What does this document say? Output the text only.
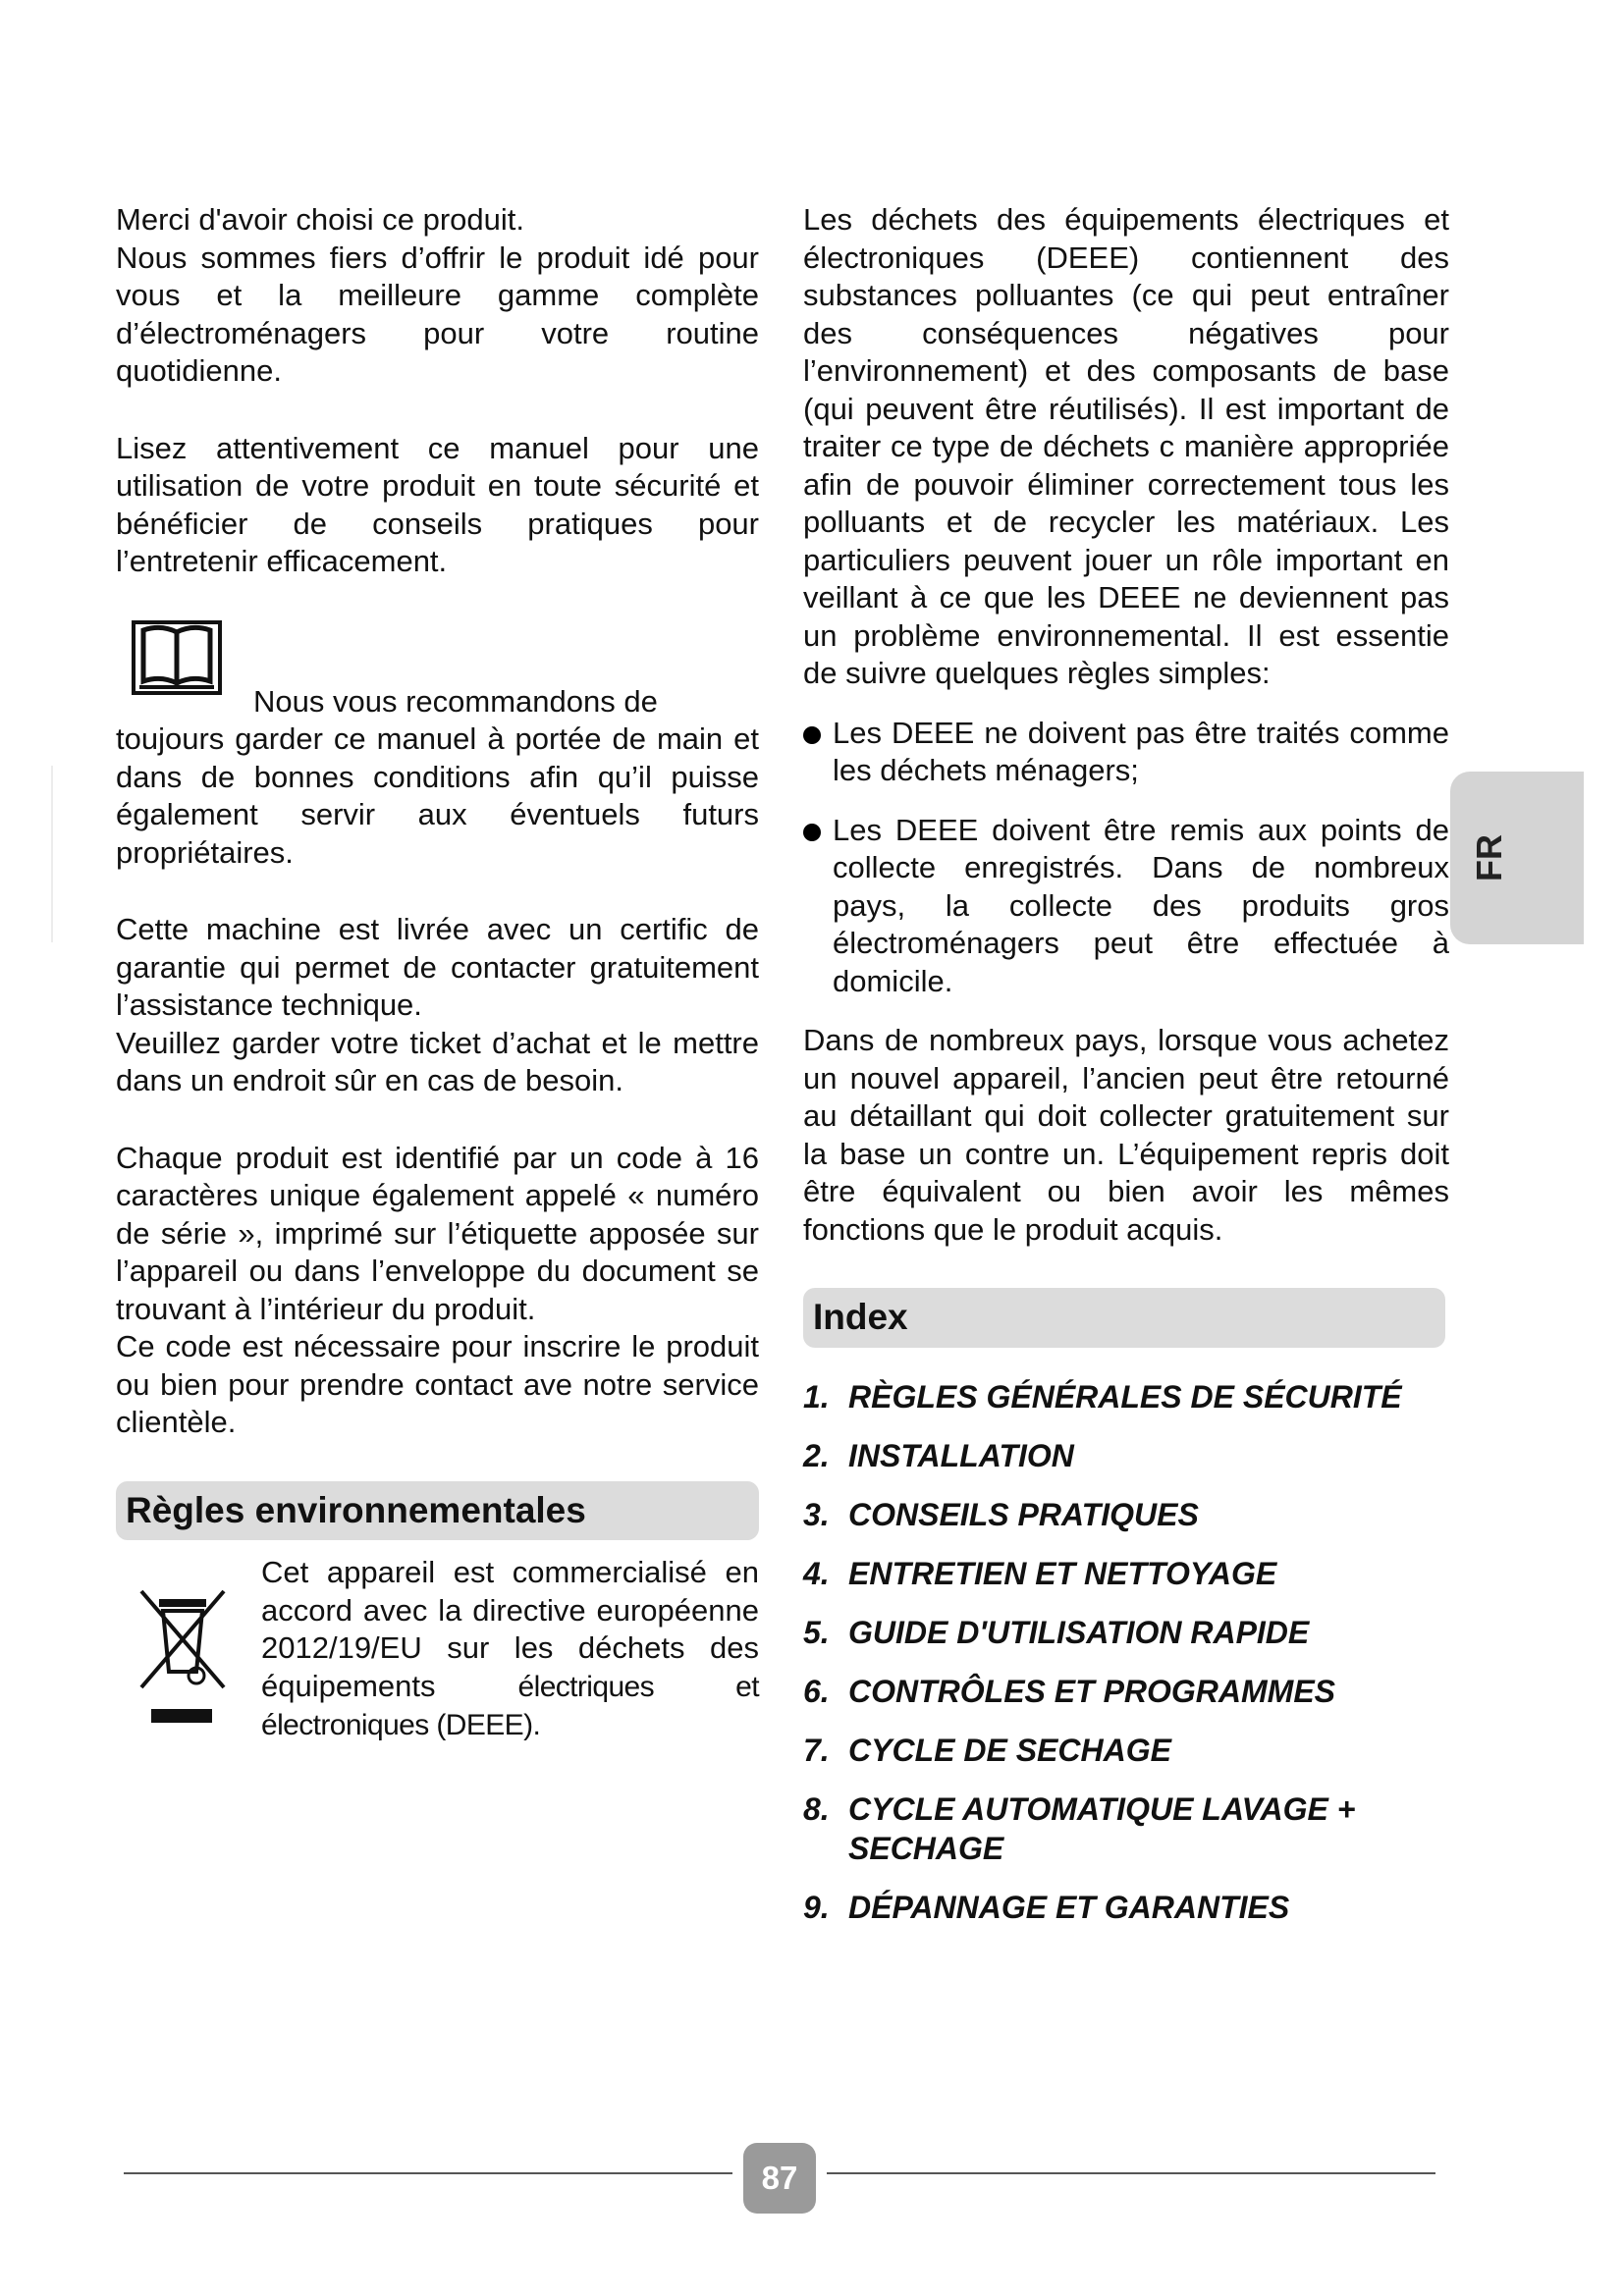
Merci d'avoir choisi ce produit.

Nous sommes fiers d’offrir le produit idé pour vous et la meilleure gamme complète d’électroménagers pour votre routine quotidienne.

Lisez attentivement ce manuel pour une utilisation de votre produit en toute sécurité et bénéficier de conseils pratiques pour l’entretenir efficacement.

Nous vous recommandons de

toujours garder ce manuel à portée de main et dans de bonnes conditions afin qu’il puisse également servir aux éventuels futurs propriétaires.

Cette machine est livrée avec un certific de garantie qui permet de contacter gratuitement l’assistance technique.

Veuillez garder votre ticket d’achat et le mettre dans un endroit sûr en cas de besoin.

Chaque produit est identifié par un code à 16 caractères unique également appelé « numéro de série », imprimé sur l’étiquette apposée sur l’appareil ou dans l’enveloppe du document se trouvant à l’intérieur du produit.

Ce code est nécessaire pour inscrire le produit ou bien pour prendre contact ave notre service clientèle.

Règles environnementales
Cet appareil est commercialisé en accord avec la directive européenne 2012/19/EU sur les déchets des équipements	électriques et électroniques (DEEE).

Les déchets des équipements électriques et électroniques (DEEE) contiennent des substances polluantes (ce qui peut entraîner des conséquences négatives pour l’environnement) et des composants de base (qui peuvent être réutilisés). Il est important de traiter ce type de déchets c manière appropriée afin de pouvoir éliminer correctement tous les polluants et de recycler les matériaux. Les particuliers peuvent jouer un rôle important en veillant à ce que les DEEE ne deviennent pas un problème environnemental. Il est essentie de suivre quelques règles simples:

Les DEEE ne doivent pas être traités comme les déchets ménagers;
Les DEEE doivent être remis aux points de collecte enregistrés. Dans de nombreux pays, la collecte des produits gros électroménagers peut être effectuée à domicile.

Dans de nombreux pays, lorsque vous achetez un nouvel appareil, l’ancien peut être retourné au détaillant qui doit collecter gratuitement sur la base un contre un. L’équipement repris doit être équivalent ou bien avoir les mêmes fonctions que le produit acquis.

Index
1. RÈGLES GÉNÉRALES DE SÉCURITÉ
2. INSTALLATION
3. CONSEILS PRATIQUES
4. ENTRETIEN ET NETTOYAGE
5. GUIDE D'UTILISATION RAPIDE
6. CONTRÔLES ET PROGRAMMES
7. CYCLE DE SECHAGE
8. CYCLE AUTOMATIQUE LAVAGE + SECHAGE
9. DÉPANNAGE ET GARANTIES
FR
87
